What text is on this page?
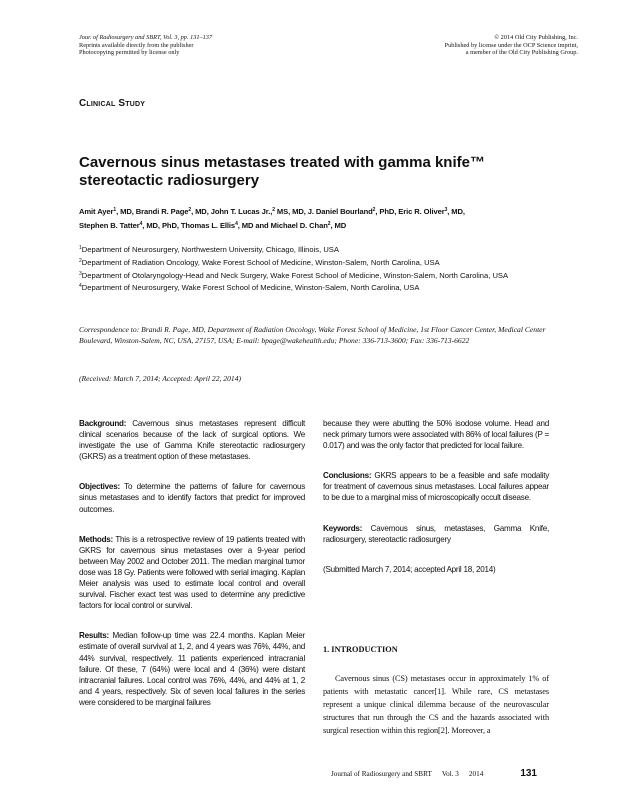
Jour. of Radiosurgery and SBRT, Vol. 3, pp. 131–137
Reprints available directly from the publisher
Photocopying permitted by license only
© 2014 Old City Publishing, Inc.
Published by license under the OCP Science imprint,
a member of the Old City Publishing Group.
Clinical Study
Cavernous sinus metastases treated with gamma knife™ stereotactic radiosurgery
Amit Ayer$^1$, MD, Brandi R. Page$^2$, MD, John T. Lucas Jr.,$^2$ MS, MD, J. Daniel Bourland$^2$, PhD, Eric R. Oliver$^3$, MD,
Stephen B. Tatter$^4$, MD, PhD, Thomas L. Ellis$^4$, MD and Michael D. Chan$^2$, MD
$^1$Department of Neurosurgery, Northwestern University, Chicago, Illinois, USA
$^2$Department of Radiation Oncology, Wake Forest School of Medicine, Winston-Salem, North Carolina, USA
$^3$Department of Otolaryngology-Head and Neck Surgery, Wake Forest School of Medicine, Winston-Salem, North Carolina, USA
$^4$Department of Neurosurgery, Wake Forest School of Medicine, Winston-Salem, North Carolina, USA
Correspondence to: Brandi R. Page, MD, Department of Radiation Oncology, Wake Forest School of Medicine, 1st Floor Cancer Center, Medical Center Boulevard, Winston-Salem, NC, USA, 27157, USA; E-mail: bpage@wakehealth.edu; Phone: 336-713-3600; Fax: 336-713-6622
(Received: March 7, 2014; Accepted: April 22, 2014)

Background: Cavernous sinus metastases represent difficult clinical scenarios because of the lack of surgical options. We investigate the use of Gamma Knife stereotactic radiosurgery (GKRS) as a treatment option of these metastases.

Objectives: To determine the patterns of failure for cavernous sinus metastases and to identify factors that predict for improved outcomes.

Methods: This is a retrospective review of 19 patients treated with GKRS for cavernous sinus metastases over a 9-year period between May 2002 and October 2011. The median marginal tumor dose was 18 Gy. Patients were followed with serial imaging. Kaplan Meier analysis was used to estimate local control and overall survival. Fischer exact test was used to determine any predictive factors for local control or survival.

Results: Median follow-up time was 22.4 months. Kaplan Meier estimate of overall survival at 1, 2, and 4 years was 76%, 44%, and 44% survival, respectively. 11 patients experienced intracranial failure. Of these, 7 (64%) were local and 4 (36%) were distant intracranial failures. Local control was 76%, 44%, and 44% at 1, 2 and 4 years, respectively. Six of seven local failures in the series were considered to be marginal failures

because they were abutting the 50% isodose volume. Head and neck primary tumors were associated with 86% of local failures (P = 0.017) and was the only factor that predicted for local failure.

Conclusions: GKRS appears to be a feasible and safe modality for treatment of cavernous sinus metastases. Local failures appear to be due to a marginal miss of microscopically occult disease.

Keywords: Cavernous sinus, metastases, Gamma Knife, radiosurgery, stereotactic radiosurgery

(Submitted March 7, 2014; accepted April 18, 2014)

1. INTRODUCTION
Cavernous sinus (CS) metastases occur in approximately 1% of patients with metastatic cancer[1]. While rare, CS metastases represent a unique clinical dilemma because of the neurovascular structures that run through the CS and the hazards associated with surgical resection within this region[2]. Moreover, a
Journal of Radiosurgery and SBRT Vol. 3 2014	131
